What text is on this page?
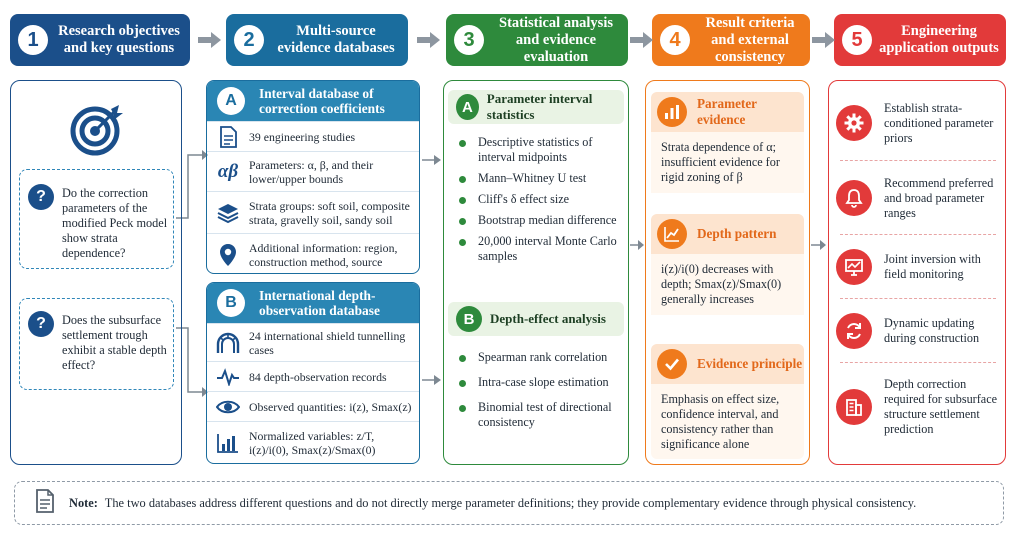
1	Research objectives and key questions	2	Multi-source evidence databases	3
Statistical analysis and evidence evaluation
4
Result criteria and external consistency
5	Engineering application outputs
?	Do the correction parameters of the modified Peck model show strata dependence?
?	Does the subsurface settlement trough exhibit a stable depth effect?
A	Interval database of correction coefficients
39 engineering studies
αβ Parameters: α, β, and their lower/upper bounds
Strata groups: soft soil, composite strata, gravelly soil, sandy soil
Additional information: region, construction method, source
B	International depth-observation database
24 international shield tunnelling cases
84 depth-observation records
Observed quantities: i(z), Smax(z)
Normalized variables: z/T, i(z)/i(0), Smax(z)/Smax(0)
A	Parameter interval statistics
Descriptive statistics of interval midpoints
Mann–Whitney U test
Cliff's δ effect size
Bootstrap median difference
20,000 interval Monte Carlo samples
B	Depth-effect analysis
Spearman rank correlation
Intra-case slope estimation
Binomial test of directional consistency
Parameter evidence
Strata dependence of α; insufficient evidence for rigid zoning of β
Depth pattern
i(z)/i(0) decreases with depth; Smax(z)/Smax(0) generally increases
Evidence principle
Emphasis on effect size, confidence interval, and consistency rather than significance alone
Establish strata-conditioned parameter priors
Recommend preferred and broad parameter ranges
Joint inversion with field monitoring
Dynamic updating during construction
Depth correction required for subsurface structure settlement prediction
Note: The two databases address different questions and do not directly merge parameter definitions; they provide complementary evidence through physical consistency.
